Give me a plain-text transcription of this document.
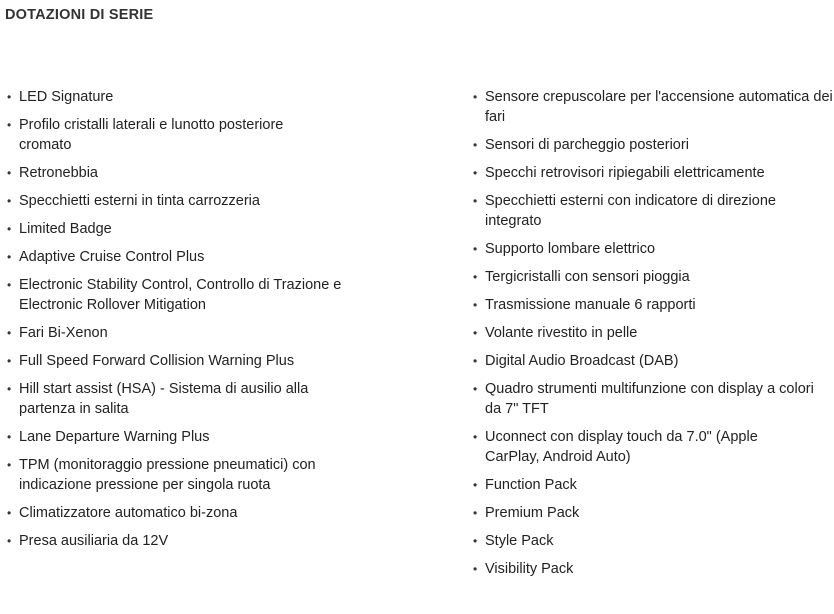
DOTAZIONI DI SERIE
• LED Signature
• Profilo cristalli laterali e lunotto posteriore cromato
• Retronebbia
• Specchietti esterni in tinta carrozzeria
• Limited Badge
• Adaptive Cruise Control Plus
• Electronic Stability Control, Controllo di Trazione e Electronic Rollover Mitigation
• Fari Bi-Xenon
• Full Speed Forward Collision Warning Plus
• Hill start assist (HSA) - Sistema di ausilio alla partenza in salita
• Lane Departure Warning Plus
• TPM (monitoraggio pressione pneumatici) con indicazione pressione per singola ruota
• Climatizzatore automatico bi-zona
• Presa ausiliaria da 12V
• Sensore crepuscolare per l'accensione automatica dei fari
• Sensori di parcheggio posteriori
• Specchi retrovisori ripiegabili elettricamente
• Specchietti esterni con indicatore di direzione integrato
• Supporto lombare elettrico
• Tergicristalli con sensori pioggia
• Trasmissione manuale 6 rapporti
• Volante rivestito in pelle
• Digital Audio Broadcast (DAB)
• Quadro strumenti multifunzione con display a colori da 7" TFT
• Uconnect con display touch da 7.0" (Apple CarPlay, Android Auto)
• Function Pack
• Premium Pack
• Style Pack
• Visibility Pack
